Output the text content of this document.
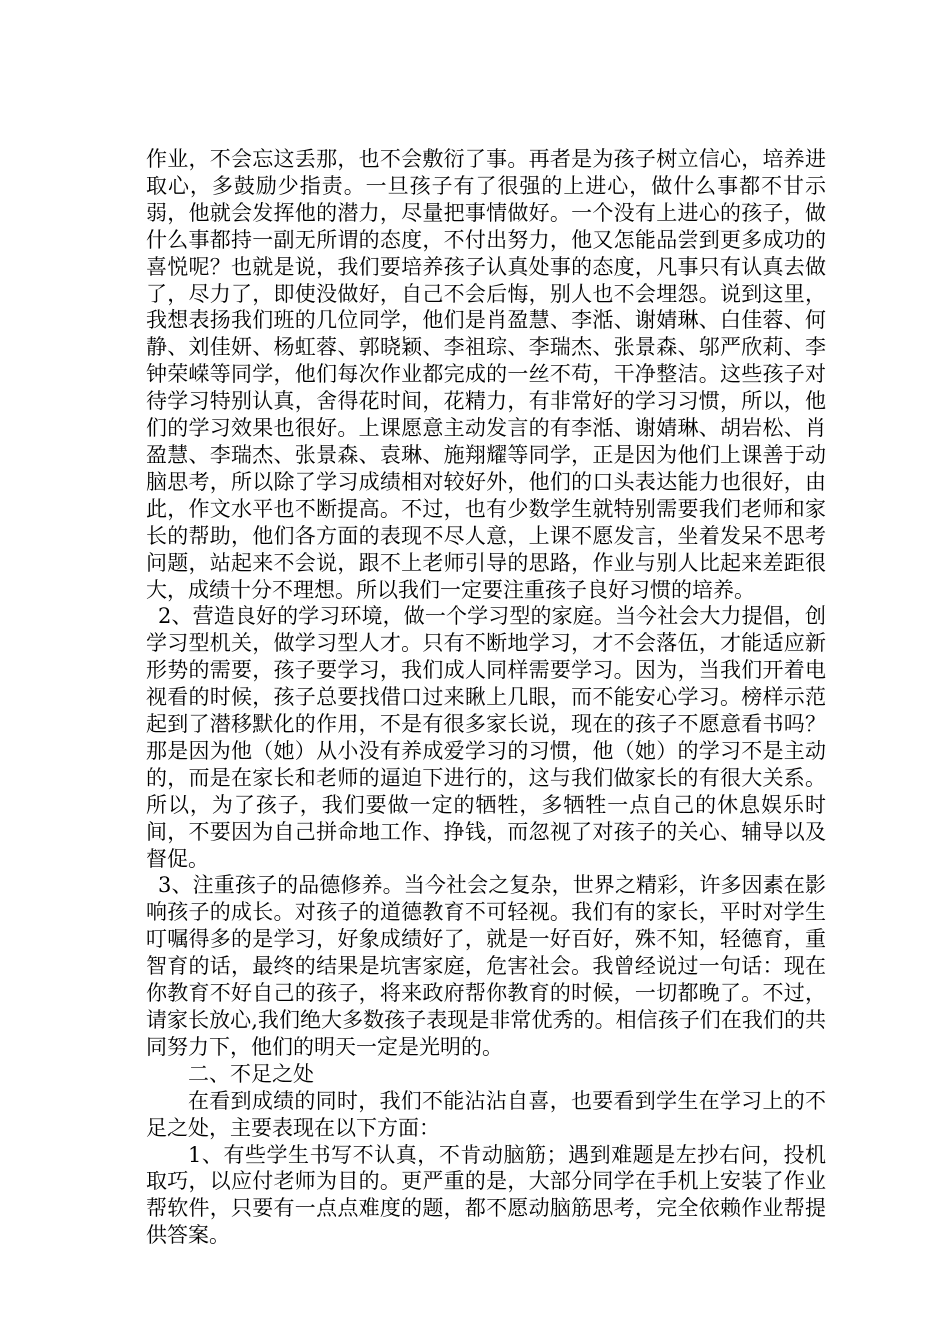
作业，不会忘这丢那，也不会敷衍了事。再者是为孩子树立信心，培养进取心，多鼓励少指责。一旦孩子有了很强的上进心，做什么事都不甘示弱，他就会发挥他的潜力，尽量把事情做好。一个没有上进心的孩子，做什么事都持一副无所谓的态度，不付出努力，他又怎能品尝到更多成功的喜悦呢？也就是说，我们要培养孩子认真处事的态度，凡事只有认真去做了，尽力了，即使没做好，自己不会后悔，别人也不会埋怨。说到这里，我想表扬我们班的几位同学，他们是肖盈慧、李湉、谢婧琳、白佳蓉、何静、刘佳妍、杨虹蓉、郭晓颖、李祖琮、李瑞杰、张景森、邬严欣莉、李钟荣嵘等同学，他们每次作业都完成的一丝不苟，干净整洁。这些孩子对待学习特别认真，舍得花时间，花精力，有非常好的学习习惯，所以，他们的学习效果也很好。上课愿意主动发言的有李湉、谢婧琳、胡岩松、肖盈慧、李瑞杰、张景森、袁琳、施翔耀等同学，正是因为他们上课善于动脑思考，所以除了学习成绩相对较好外，他们的口头表达能力也很好，由此，作文水平也不断提高。不过，也有少数学生就特别需要我们老师和家长的帮助，他们各方面的表现不尽人意，上课不愿发言，坐着发呆不思考问题，站起来不会说，跟不上老师引导的思路，作业与别人比起来差距很大，成绩十分不理想。所以我们一定要注重孩子良好习惯的培养。

2、营造良好的学习环境，做一个学习型的家庭。当今社会大力提倡，创学习型机关，做学习型人才。只有不断地学习，才不会落伍，才能适应新形势的需要，孩子要学习，我们成人同样需要学习。因为，当我们开着电视看的时候，孩子总要找借口过来瞅上几眼，而不能安心学习。榜样示范起到了潜移默化的作用，不是有很多家长说，现在的孩子不愿意看书吗？那是因为他（她）从小没有养成爱学习的习惯，他（她）的学习不是主动的，而是在家长和老师的逼迫下进行的，这与我们做家长的有很大关系。所以，为了孩子，我们要做一定的牺牲，多牺牲一点自己的休息娱乐时间，不要因为自己拼命地工作、挣钱，而忽视了对孩子的关心、辅导以及督促。

3、注重孩子的品德修养。当今社会之复杂，世界之精彩，许多因素在影响孩子的成长。对孩子的道德教育不可轻视。我们有的家长，平时对学生叮嘱得多的是学习，好象成绩好了，就是一好百好，殊不知，轻德育，重智育的话，最终的结果是坑害家庭，危害社会。我曾经说过一句话：现在你教育不好自己的孩子，将来政府帮你教育的时候，一切都晚了。不过，请家长放心,我们绝大多数孩子表现是非常优秀的。相信孩子们在我们的共同努力下，他们的明天一定是光明的。

二、不足之处

在看到成绩的同时，我们不能沾沾自喜，也要看到学生在学习上的不足之处，主要表现在以下方面：

1、有些学生书写不认真，不肯动脑筋；遇到难题是左抄右问，投机取巧，以应付老师为目的。更严重的是，大部分同学在手机上安装了作业帮软件，只要有一点点难度的题，都不愿动脑筋思考，完全依赖作业帮提供答案。
